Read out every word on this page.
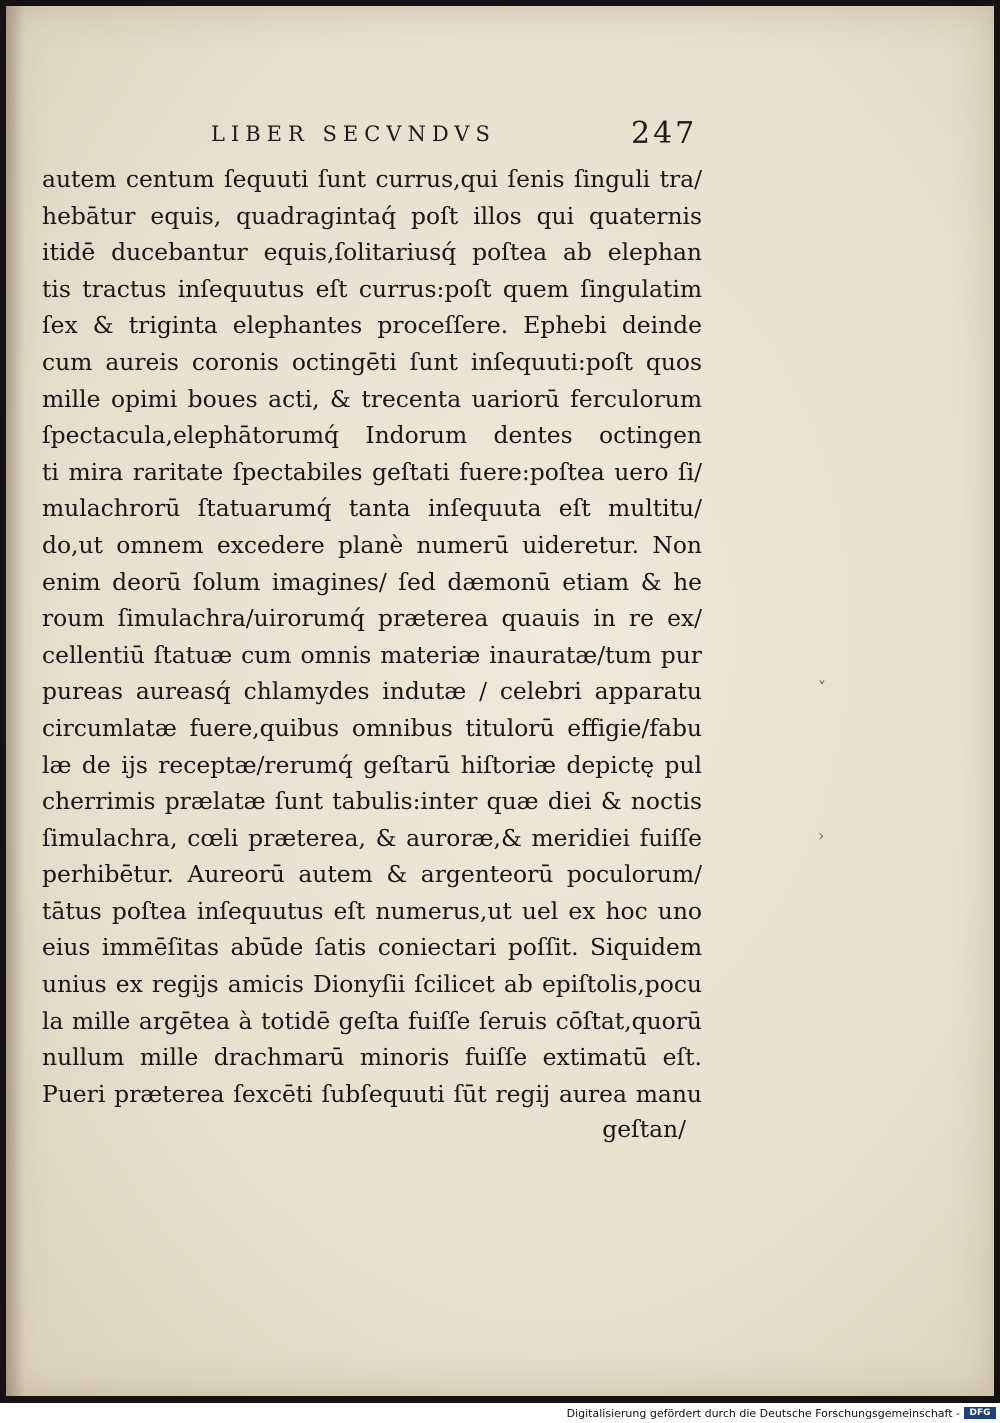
LIBER SECVNDVS	247
autem centum ſequuti ſunt currus,qui ſenis ſinguli tra/
hebātur equis, quadragintaq́ poſt illos qui quaternis
itidē ducebantur equis,ſolitariusq́ poſtea ab elephan
tis tractus inſequutus eſt currus:poſt quem ſingulatim
ſex & triginta elephantes proceſſere. Ephebi deinde
cum aureis coronis octingēti ſunt inſequuti:poſt quos
mille opimi boues acti, & trecenta uariorū ferculorum
ſpectacula,elephātorumq́ Indorum dentes octingen
ti mira raritate ſpectabiles geſtati fuere:poſtea uero ſi/
mulachrorū ſtatuarumq́ tanta inſequuta eſt multitu/
do,ut omnem excedere planè numerū uideretur. Non
enim deorū ſolum imagines/ ſed dæmonū etiam & he
roum ſimulachra/uirorumq́ præterea quauis in re ex/
cellentiū ſtatuæ cum omnis materiæ inauratæ/tum pur
pureas aureasq́ chlamydes indutæ / celebri apparatu
circumlatæ fuere,quibus omnibus titulorū effigie/fabu
læ de ijs receptæ/rerumq́ geſtarū hiſtoriæ depictę pul
cherrimis prælatæ ſunt tabulis:inter quæ diei & noctis
ſimulachra, cœli præterea, & auroræ,& meridiei fuiſſe
perhibētur. Aureorū autem & argenteorū poculorum/
tātus poſtea inſequutus eſt numerus,ut uel ex hoc uno
eius immēſitas abūde ſatis coniectari poſſit. Siquidem
unius ex regijs amicis Dionyſii ſcilicet ab epiſtolis,pocu
la mille argētea à totidē geſta fuiſſe ſeruis cōſtat,quorū
nullum mille drachmarū minoris fuiſſe extimatū eſt.
Pueri præterea ſexcēti ſubſequuti ſūt regij aurea manu
geſtan/
˅
›
Digitalisierung gefördert durch die Deutsche Forschungsgemeinschaft -	DFG
